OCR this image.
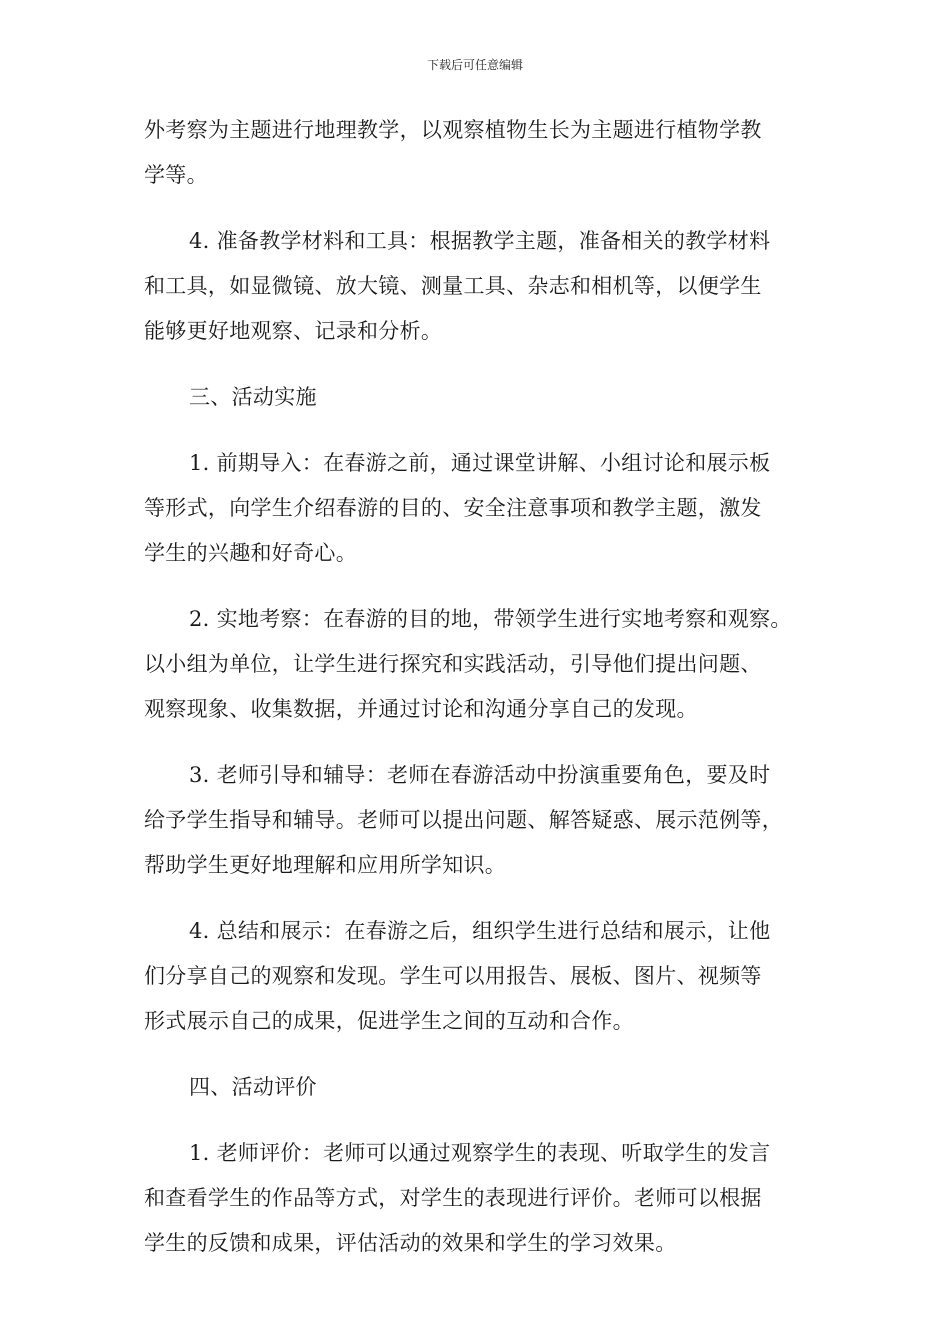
下载后可任意编辑

外考察为主题进行地理教学，以观察植物生长为主题进行植物学教
学等。

4. 准备教学材料和工具：根据教学主题，准备相关的教学材料
和工具，如显微镜、放大镜、测量工具、杂志和相机等，以便学生
能够更好地观察、记录和分析。

三、活动实施

1. 前期导入：在春游之前，通过课堂讲解、小组讨论和展示板
等形式，向学生介绍春游的目的、安全注意事项和教学主题，激发
学生的兴趣和好奇心。

2. 实地考察：在春游的目的地，带领学生进行实地考察和观察。
以小组为单位，让学生进行探究和实践活动，引导他们提出问题、
观察现象、收集数据，并通过讨论和沟通分享自己的发现。

3. 老师引导和辅导：老师在春游活动中扮演重要角色，要及时
给予学生指导和辅导。老师可以提出问题、解答疑惑、展示范例等，
帮助学生更好地理解和应用所学知识。

4. 总结和展示：在春游之后，组织学生进行总结和展示，让他
们分享自己的观察和发现。学生可以用报告、展板、图片、视频等
形式展示自己的成果，促进学生之间的互动和合作。

四、活动评价

1. 老师评价：老师可以通过观察学生的表现、听取学生的发言
和查看学生的作品等方式，对学生的表现进行评价。老师可以根据
学生的反馈和成果，评估活动的效果和学生的学习效果。
